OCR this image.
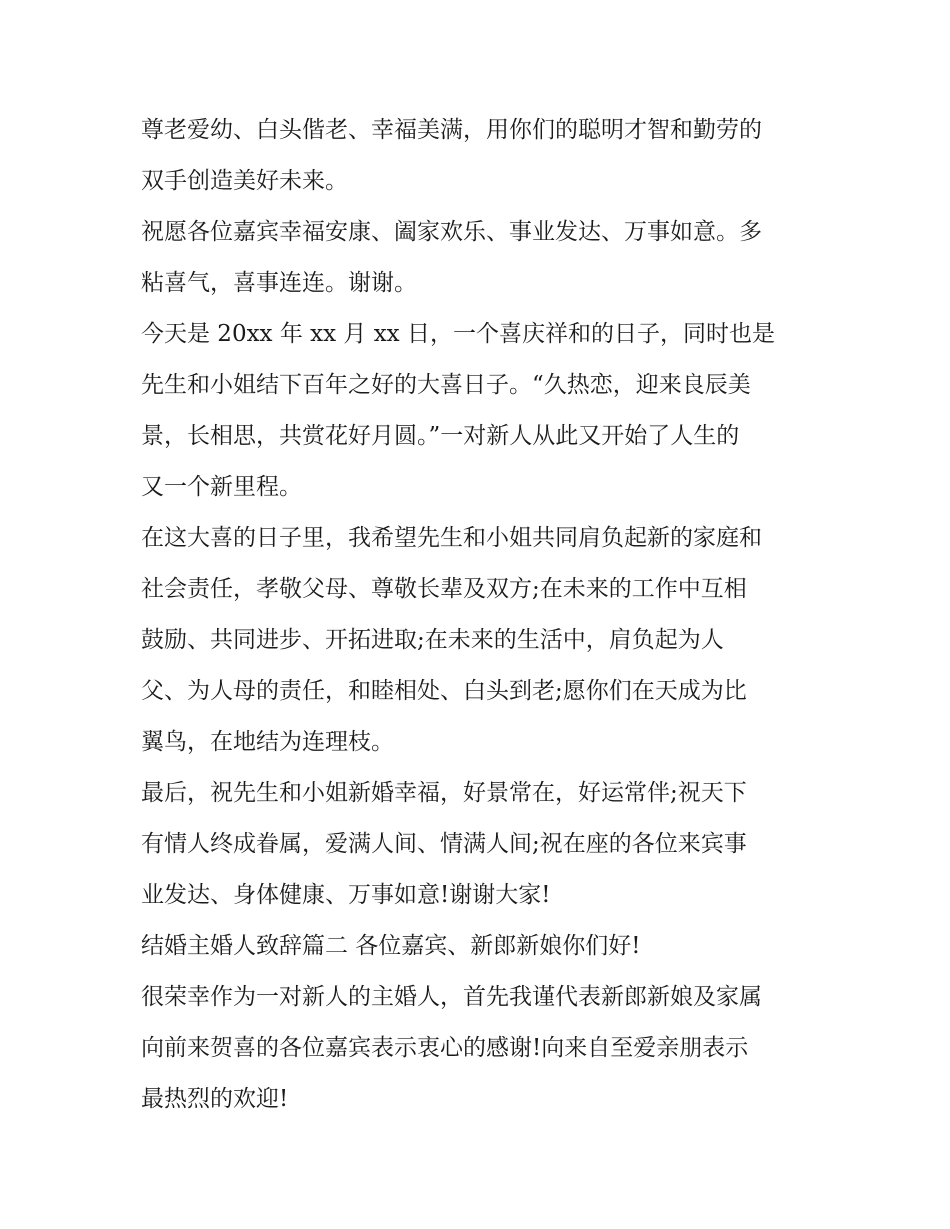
尊老爱幼、白头偕老、幸福美满，用你们的聪明才智和勤劳的
双手创造美好未来。
祝愿各位嘉宾幸福安康、阖家欢乐、事业发达、万事如意。多
粘喜气，喜事连连。谢谢。
今天是 20xx 年 xx 月 xx 日，一个喜庆祥和的日子，同时也是
先生和小姐结下百年之好的大喜日子。“久热恋，迎来良辰美
景，长相思，共赏花好月圆。”一对新人从此又开始了人生的
又一个新里程。
在这大喜的日子里，我希望先生和小姐共同肩负起新的家庭和
社会责任，孝敬父母、尊敬长辈及双方;在未来的工作中互相
鼓励、共同进步、开拓进取;在未来的生活中，肩负起为人
父、为人母的责任，和睦相处、白头到老;愿你们在天成为比
翼鸟，在地结为连理枝。
最后，祝先生和小姐新婚幸福，好景常在，好运常伴;祝天下
有情人终成眷属，爱满人间、情满人间;祝在座的各位来宾事
业发达、身体健康、万事如意!谢谢大家!
结婚主婚人致辞篇二 各位嘉宾、新郎新娘你们好!
很荣幸作为一对新人的主婚人，首先我谨代表新郎新娘及家属
向前来贺喜的各位嘉宾表示衷心的感谢!向来自至爱亲朋表示
最热烈的欢迎!
